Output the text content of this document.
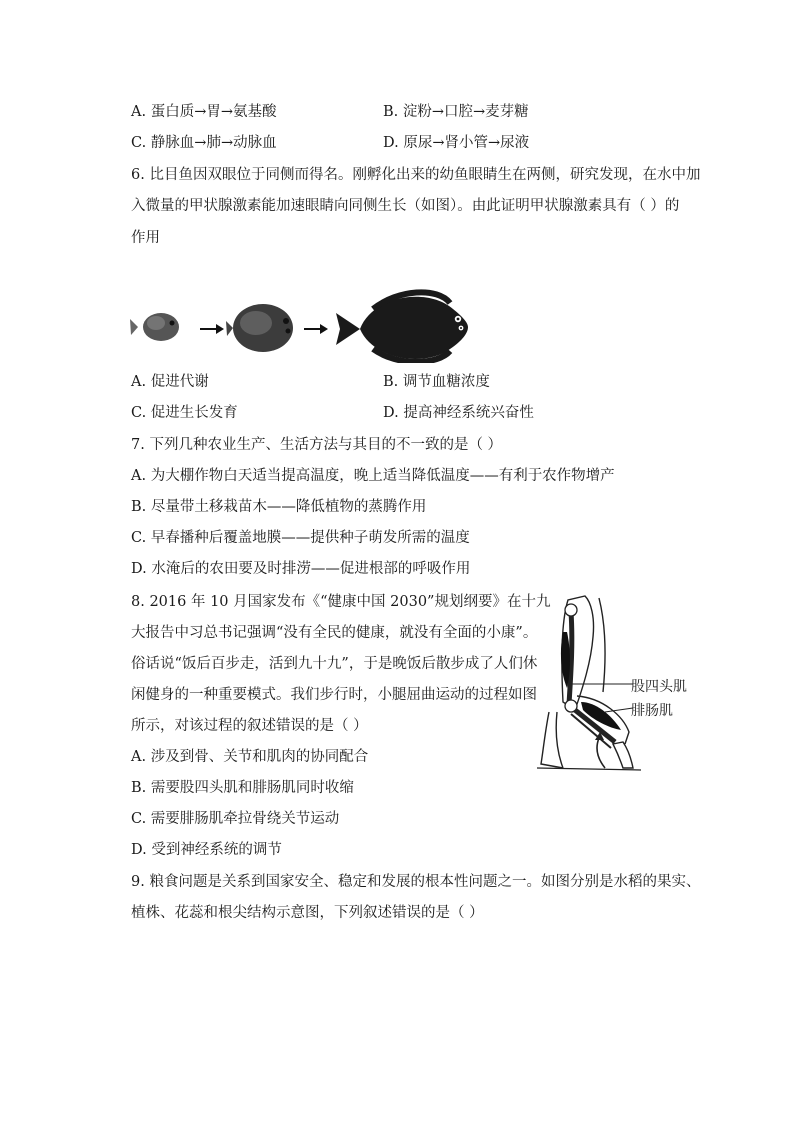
A. 蛋白质→胃→氨基酸	B. 淀粉→口腔→麦芽糖
C. 静脉血→肺→动脉血	D. 原尿→肾小管→尿液
6. 比目鱼因双眼位于同侧而得名。刚孵化出来的幼鱼眼睛生在两侧，研究发现，在水中加
入微量的甲状腺激素能加速眼睛向同侧生长（如图）。由此证明甲状腺激素具有（ ）的
作用
A. 促进代谢	B. 调节血糖浓度
C. 促进生长发育	D. 提高神经系统兴奋性
7. 下列几种农业生产、生活方法与其目的不一致的是（ ）
A. 为大棚作物白天适当提高温度，晚上适当降低温度——有利于农作物增产
B. 尽量带土移栽苗木——降低植物的蒸腾作用
C. 早春播种后覆盖地膜——提供种子萌发所需的温度
D. 水淹后的农田要及时排涝——促进根部的呼吸作用
8. 2016 年 10 月国家发布《“健康中国 2030”规划纲要》在十九
大报告中习总书记强调“没有全民的健康，就没有全面的小康”。
俗话说“饭后百步走，活到九十九”，于是晚饭后散步成了人们休
闲健身的一种重要模式。我们步行时，小腿屈曲运动的过程如图
所示，对该过程的叙述错误的是（ ）
股四头肌
腓肠肌
A. 涉及到骨、关节和肌肉的协同配合
B. 需要股四头肌和腓肠肌同时收缩
C. 需要腓肠肌牵拉骨绕关节运动
D. 受到神经系统的调节
9. 粮食问题是关系到国家安全、稳定和发展的根本性问题之一。如图分别是水稻的果实、
植株、花蕊和根尖结构示意图，下列叙述错误的是（ ）
